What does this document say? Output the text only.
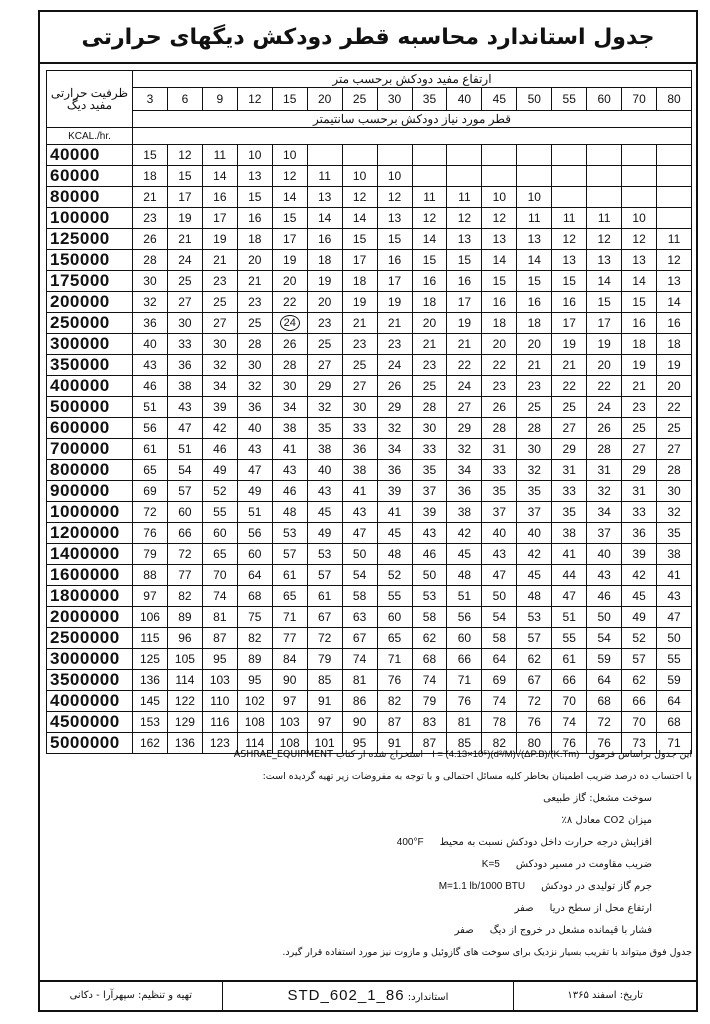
جدول استاندارد محاسبه قطر دودکش دیگهای حرارتی
ظرفیت حرارتی
مفید دیگ	ارتفاع مفید دودکش برحسب متر															
	3	6	9	12	15	20	25	30	35	40	45	50	55	60	70	80
	قطر مورد نیاز دودکش برحسب سانتیمتر															
KCAL./hr.																
40000	15	12	11	10	10											
60000	18	15	14	13	12	11	10	10								
80000	21	17	16	15	14	13	12	12	11	11	10	10				
100000	23	19	17	16	15	14	14	13	12	12	12	11	11	11	10	
125000	26	21	19	18	17	16	15	15	14	13	13	13	12	12	12	11
150000	28	24	21	20	19	18	17	16	15	15	14	14	13	13	13	12
175000	30	25	23	21	20	19	18	17	16	16	15	15	15	14	14	13
200000	32	27	25	23	22	20	19	19	18	17	16	16	16	15	15	14
250000	36	30	27	25	24	23	21	21	20	19	18	18	17	17	16	16
300000	40	33	30	28	26	25	23	23	21	21	20	20	19	19	18	18
350000	43	36	32	30	28	27	25	24	23	22	22	21	21	20	19	19
400000	46	38	34	32	30	29	27	26	25	24	23	23	22	22	21	20
500000	51	43	39	36	34	32	30	29	28	27	26	25	25	24	23	22
600000	56	47	42	40	38	35	33	32	30	29	28	28	27	26	25	25
700000	61	51	46	43	41	38	36	34	33	32	31	30	29	28	27	27
800000	65	54	49	47	43	40	38	36	35	34	33	32	31	31	29	28
900000	69	57	52	49	46	43	41	39	37	36	35	35	33	32	31	30
1000000	72	60	55	51	48	45	43	41	39	38	37	37	35	34	33	32
1200000	76	66	60	56	53	49	47	45	43	42	40	40	38	37	36	35
1400000	79	72	65	60	57	53	50	48	46	45	43	42	41	40	39	38
1600000	88	77	70	64	61	57	54	52	50	48	47	45	44	43	42	41
1800000	97	82	74	68	65	61	58	55	53	51	50	48	47	46	45	43
2000000	106	89	81	75	71	67	63	60	58	56	54	53	51	50	49	47
2500000	115	96	87	82	77	72	67	65	62	60	58	57	55	54	52	50
3000000	125	105	95	89	84	79	74	71	68	66	64	62	61	59	57	55
3500000	136	114	103	95	90	85	81	76	74	71	69	67	66	64	62	59
4000000	145	122	110	102	97	91	86	82	79	76	74	72	70	68	66	64
4500000	153	129	116	108	103	97	90	87	83	81	78	76	74	72	70	68
5000000	162	136	123	114	108	101	95	91	87	85	82	80	76	76	73	71
این جدول براساس فرمول I = (4.13×10⁵)(d²/M)√(ΔP.B)/(K.Tm) استخراج شده از کتاب ASHRAE_EQUIPMENT
با احتساب ده درصد ضریب اطمینان بخاطر کلیه مسائل احتمالی و با توجه به مفروضات زیر تهیه گردیده است:
سوخت مشعل: گاز طبیعی
میزان CO2 معادل ۸٪
افزایش درجه حرارت داخل دودکش نسبت به محیط400°F
ضریب مقاومت در مسیر دودکشK=5
جرم گاز تولیدی در دودکشM=1.1 lb/1000 BTU
ارتفاع محل از سطح دریاصفر
فشار با قیمانده مشعل در خروج از دیگصفر
جدول فوق میتواند با تقریب بسیار نزدیک برای سوخت های گازوئیل و مازوت نیز مورد استفاده قرار گیرد.
تاریخ: اسفند ۱۳۶۵
استاندارد: STD_602_1_86
تهیه و تنظیم: سپهرآرا - دکانی
